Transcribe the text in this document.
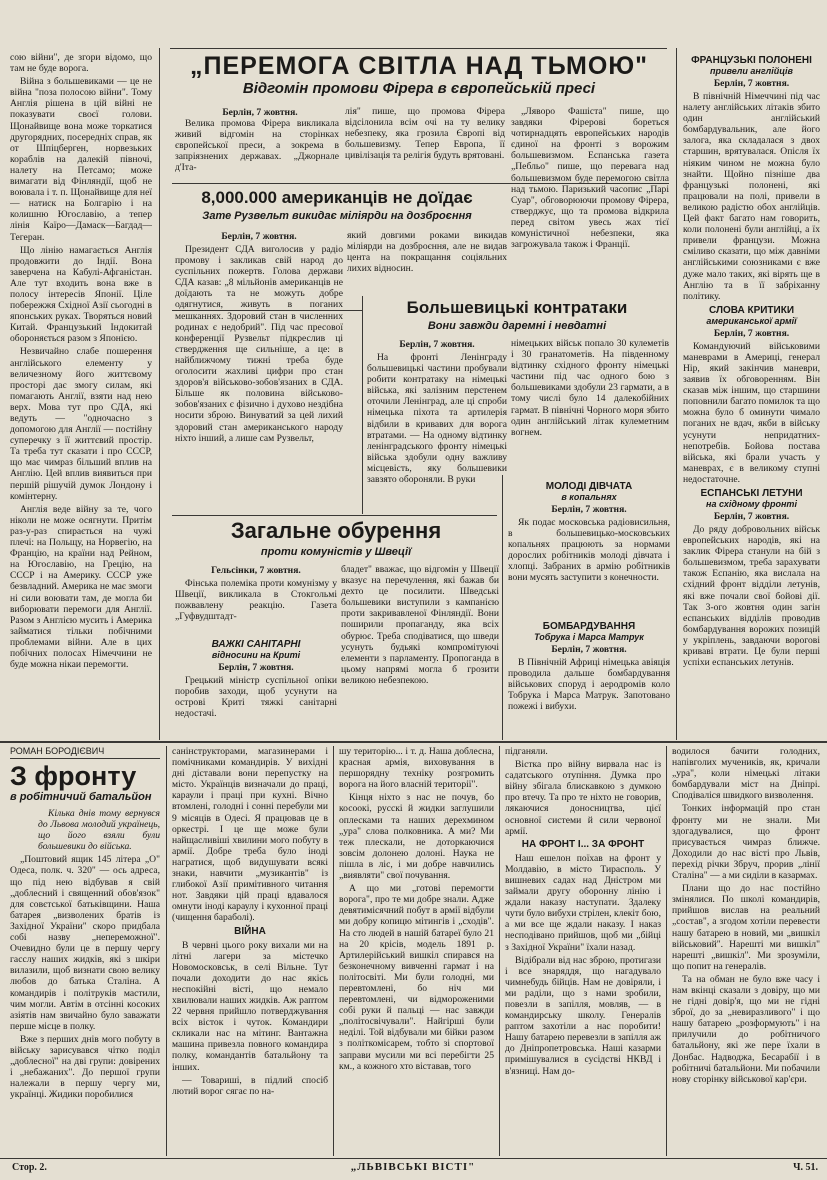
сою війни", де згори відомо, що там не буде ворога.

Війна з большевиками — це не війна "поза полосою війни". Тому Англія рішена в цій війні не показувати своєї голови. Щонайвище вона може торкатися другорядних, посередніх справ, як от Шпіцберген, норвезьких кораблів на далекій півночі, налету на Петсамо; може вимагати від Фінляндії, щоб не воювала і т. п. Щонайвище для неї — натиск на Болгарію і на колишню Югославію, а тепер лінія Каїро—Дамаск—Багдад—Тегеран.

Що лінію намагається Англія продовжити до Індії. Вона заверчена на Кабулі-Афганістан. Але тут входить вона вже в полосу інтересів Японії. Ціле побережжя Східної Азії сьогодні в японських руках. Творяться новий Китай. Французький Індокитай обороняється разом з Японією.

Незвичайно слабе пошерення англійського елементу у величезному його життєвому просторі дає змогу силам, які помагають Англії, взяти над нею верх. Мова тут про СДА, які ведуть — "одночасно з допомогою для Англії — постійну суперечку з її життєвий простір. Та треба тут сказати і про СССР, що має чимраз більший вплив на Англію. Цей вплив виявиться при першій рішучій думок Лондону і комінтерну.

Англія веде війну за те, чого ніколи не може осягнути. Притім раз-у-раз спирається на чужі плечі: на Польщу, на Норвегію, на Францію, на країни над Рейном, на Югославію, на Грецію, на СССР і на Америку. СССР уже безвладний. Америка не має змоги ні сили воювати там, де могла би виборювати перемоги для Англії. Разом з Англією мусить і Америка займатися тільки побічними проблемами війни. Але в цих побічних полосах Німеччини не буде можна нікаи перемогти.

„ПЕРЕМОГА СВІТЛА НАД ТЬМОЮ"
Відгомін промови Фірера в європейській пресі
Берлін, 7 жовтня.

Велика промова Фірера викликала живий відгомін на сторінках європейської преси, а зокрема в запріязнених державах. „Джорнале д'Іта-

лія" пише, що промова Фірера відсілонила всім очі на ту велику небезпеку, яка грозила Європі від большевизму. Тепер Европа, її цивілізація та релігія будуть врятовані.

„Ляворо Фашіста" пише, що завдяки Фірерові бореться чотирнадцять европейських народів єдиної на фронті з ворожим большевизмом. Еспанська газета „Пебльо" пише, що перевага над большевизмом буде перемогою світла над тьмою. Паризький часопис „Парі Суар", обговорюючи промову Фірера, стверджує, що та промова відкрила перед світом увесь жах тієї комуністичної небезпеки, яка загрожувала також і Франції.

8,000.000 американців не доїдає
Зате Рузвельт викидає міліярди на дозброєння
Берлін, 7 жовтня.

Президент СДА виголосив у радіо промову і закликав свій народ до суспільних пожертв. Голова держави СДА казав: „8 мільйонів американців не доїдають та не можуть добре одягнутися, живуть в поганих мешканнях. Здоровий стан в численних родинах є недобрий". Під час пресової конференції Рузвельт підкреслив ці ствердження ще сильніше, а це: в найближчому тижні треба буде оголосити жахливі цифри про стан здоров'я військово-зобов'язаних в СДА. Більше як половина військово-зобов'язаних є фізично і духово нездібна носити зброю. Винуватий за цей лихий здоровий стан американського народу ніхто інший, а лише сам Рузвельт,

який довгими роками викидав міліярди на дозброєння, але не видав цента на покращання соціяльних лихих відносин.

Большевицькі контратаки
Вони завжди даремні і невдатні
Берлін, 7 жовтня.

На фронті Ленінграду большевицькі частини пробували робити контратаку на німецькі війська, які залізним перстенем оточили Ленінград, але ці спроби німецька піхота та артилерія відбили в кривавих для ворога втратами. — На одному відтинку ленінградського фронту німецькі війська здобули одну важливу місцевість, яку большевики завзято обороняли. В руки

німецьких військ попало 30 кулеметів і 30 гранатометів. На південному відтинку східного фронту німецькі частини під час одного бою з большевиками здобули 23 гармати, а в тому числі було 14 далекобійних гармат. В північні Чорного моря збито один англійський літак кулеметним вогнем.

МОЛОДІ ДІВЧАТА
в копальнях
Берлін, 7 жовтня.

Як подає московська радіовисильня, в большевицько-московських копальнях працюють за нормами дорослих робітників молоді дівчата і хлопці. Забраних в армію робітників вони мусять заступити з конечности.

БОМБАРДУВАННЯ
Тобрука і Марса Матрук
Берлін, 7 жовтня.

В Північній Африці німецька авіяція проводила дальше бомбардування військових споруд і аеродромів коло Тобрука і Марса Матрук. Запотовано пожежі і вибухи.

Загальне обурення
проти комуністів у Швеції
Гельсінки, 7 жовтня.

Фінська полеміка проти комунізму у Швеції, викликала в Стокгольмі пожвавлену реакцію. Газета „Гуфвудштадт-

бладет" вважає, що відгомін у Швеції вказує на перечулення, які бажав би дехто це посилити. Шведські большевики виступили з кампанією проти закривавленої Фінляндії. Вони поширили пропаганду, яка всіх обурює. Треба сподіватися, що шведи усунуть будьякі компромітуючі елементи з парламенту. Пропоганда в цьому напрямі могла б грозити великою небезпекою.

ВАЖКІ САНІТАРНІ
відносини на Криті
Берлін, 7 жовтня.

Грецький міністр суспільної опіки поробив заходи, щоб усунути на острові Криті тяжкі санітарні недостачі.

ФРАНЦУЗЬКІ ПОЛОНЕНІ
привели англійців
Берлін, 7 жовтня.

В північній Німеччині під час налету англійських літаків збито один англійський бомбардувальник, але його залога, яка складалася з двох старшин, врятувалася. Опісля їх ніяким чином не можна було знайти. Щойно пізніше два французькі полонені, які працювали на полі, привели в великою радістю обох англійців. Цей факт багато нам говорить, коли полонені були англійці, а їх привели французи. Можна сміливо сказати, що між давніми англійськими союзниками є вже дуже мало таких, які вірять ще в Англію та в її забріханну політику.

СЛОВА КРИТИКИ
американської армії
Берлін, 7 жовтня.

Командуючий військовими маневрами в Америці, генерал Нір, який закінчив маневри, заявив їх обговоренням. Він сказав між іншим, що старшини поповнили багато помилок та що можна було б оминути чимало поганих не вдач, якби в війську усунути непридатних-непотребів. Бойова поставa війська, які брали участь у маневрах, є в великому ступні недостаточне.

ЕСПАНСЬКІ ЛЕТУНИ
на східному фронті
Берлін, 7 жовтня.

До ряду добровольних військ европейських народів, які на заклик Фірера станули на бій з большевизмом, треба зарахувати також Еспанію, яка вислала на східний фронт відділи летунів, які вже почали свої бойові дії. Так 3-ого жовтня один загін еспанських відділів проводив бомбардування ворожих позицій у укріплень, завдаючи ворогові криваві втрати. Це були перші успіхи еспанських летунів.

РОМАН БОРОДІЄВИЧ
З фронту
в робітничий батальйон

Кілька днів тому вернувся до Львова молодий українець, що його взяли були большевики до війська.

„Поштовий ящик 145 літера „O" Одеса, полк. ч. 320" — ось адреса, що під нею відбував я свій „доблесний і священний обов'язок" для совєтської батьківщини. Наша батарея „визволених братів із Західної України" скоро придбала собі назву „непереможної". Очевидно були це в першу чергу гасслу наших жидків, які з шкіри вилазили, щоб визнати свою велику любов до батька Сталіна. А командирів і політруків мастили, чим могли. Автім в отсінні косоких азіятів нам звичайно було заважати перше місце в полку.

Вже з перших днів мого побуту в війську зарисувався чітко поділ „доблесної" на дві групи: довірених і „небажаних". До першої групи належали в першу чергу ми, українці. Жидики поробилися

санінструкторами, магазинерами і помічниками командирів. У вихідні дні діставали вони перепустку на місто. Українців визначали до праці, караули і праці при кухні. Вічно втомлені, голодні і сонні перебули ми 9 місяців в Одесі. Я працював це в оркестрі. І це ще може були найщасливіші хвилини мого побуту в армії. Добре треба було іноді награтися, щоб видушувати всякі знаки, навчити „музикантів" із глибокої Азії примітивного читання нот. Завдяки цій праці вдавалося омнути іноді караулу і кухонної праці (чищення бараболі).

ВІЙНА

В червні цього року вихали ми на літні лагери за містечко Новомосковськ, в селі Вільне. Тут почали доходити до нас якісь неспокійні вісті, що немало хвилювали наших жидків. Аж раптом 22 червня прийшло потверджування всіх вісток і чуток. Командири скликали нас на мітинг. Вантажна машина привезла повного командира полку, командантів батальйону та інших.

— Товариші, в підлий спосіб лютий ворог сягає по на-

шу територію... і т. д. Наша доблесна, красная армія, виховування в першорядну техніку розгромить ворога на його власній території".

Кінця ніхто з нас не почув, бо косоокі, русскі й жидки заглушили оплесками та наших дерехмином „ура" слова полковника. А ми? Ми теж плескали, не доторкаючися зовсім долонею долоні. Наука не пішла в ліс, і ми добре навчились „виявляти" свої почування.

А що ми „готові перемогти ворога", про те ми добре знали. Адже девятимісячний побут в армії відбули ми добру копицю мітингів і „сходів". На сто людей в нашій батареї було 21 на 20 крісів, модель 1891 р. Артилерійський вишкіл спирався на безконечному вивченні гармат і на політосвіті. Ми були голодні, ми перевтомлені, бо ніч ми перевтомлені, чи відмороженими собі руки й пальці — нас завжди „політосвічували". Найгірші були неділі. Той відбували ми бійки разом з політкомісарем, тобто зі спортової заправи мусили ми всі перебігти 25 км., а кожного хто віставав, того

підганяли.

Вістка про війну вирвала нас із садатського отупіння. Думка про війну збігала блискавкою з думкою про втечу. Та про те ніхто не говорив, лякаючися доносництва, цієї основної системи й сили червоної армії.

НА ФРОНТ І... ЗА ФРОНТ

Наш ешелон поїхав на фронт у Молдавію, в місто Тирасполь. У вишневих садах над Дністром ми займали другу оборонну лінію і ждали наказу наступати. Здалеку чути було вибухи стрілен, клекіт бою, а ми все ще ждали наказу. І наказ несподівано прийшов, щоб ми „бійці з Західної України" їхали назад.

Відібрали від нас зброю, протигази і все знаряддя, що нагадувало чимнебудь бійців. Нам не довіряли, і ми раділи, що з нами зробили, повезли в запілля, мовляв, — в командирську школу. Генералів раптом захотіли а нас поробити! Нашу батарею перевезли в запілля аж до Дніпропетровська. Наші казарми примішувалися в сусідстві НКВД і в'язниці. Нам до-

водилося бачити голодних, напівголих мучеників, як, кричали „ура", коли німецькі літаки бомбардували міст на Дніпрі. Сподіваліся швидкого визволення.

Тонких інформацій про стан фронту ми не знали. Ми здогадувалися, що фронт присувається чимраз ближче. Доходили до нас вісті про Львів, перехід річки Збруч, прорив „лінії Сталіна" — а ми сиділи в казармах.

Плани що до нас постійно змінялися. По школі командирів, прийшов вислав на реальний „состав", а згодом хотіли перевести нашу батарею в новий, ми „вишкіл військовий". Нарешті ми вишкіл" нарешті „вишкіл". Ми зрозуміли, що попит на генералів.

Та на обман не було вже часу і нам вкінці сказали з довіру, що ми не гідні довір'я, що ми не гідні зброї, до за „невиразливого" і що нашу батарею „розформують" і на прилучили до робітничого батальйону, які же пере їхали в Донбас. Надводжа, Бесарабії і в робітничі батальйони. Ми побачили нову сторінку військової кар'єри.

Стор. 2.	„ЛЬВІВСЬКІ ВІСТІ"	Ч. 51.
